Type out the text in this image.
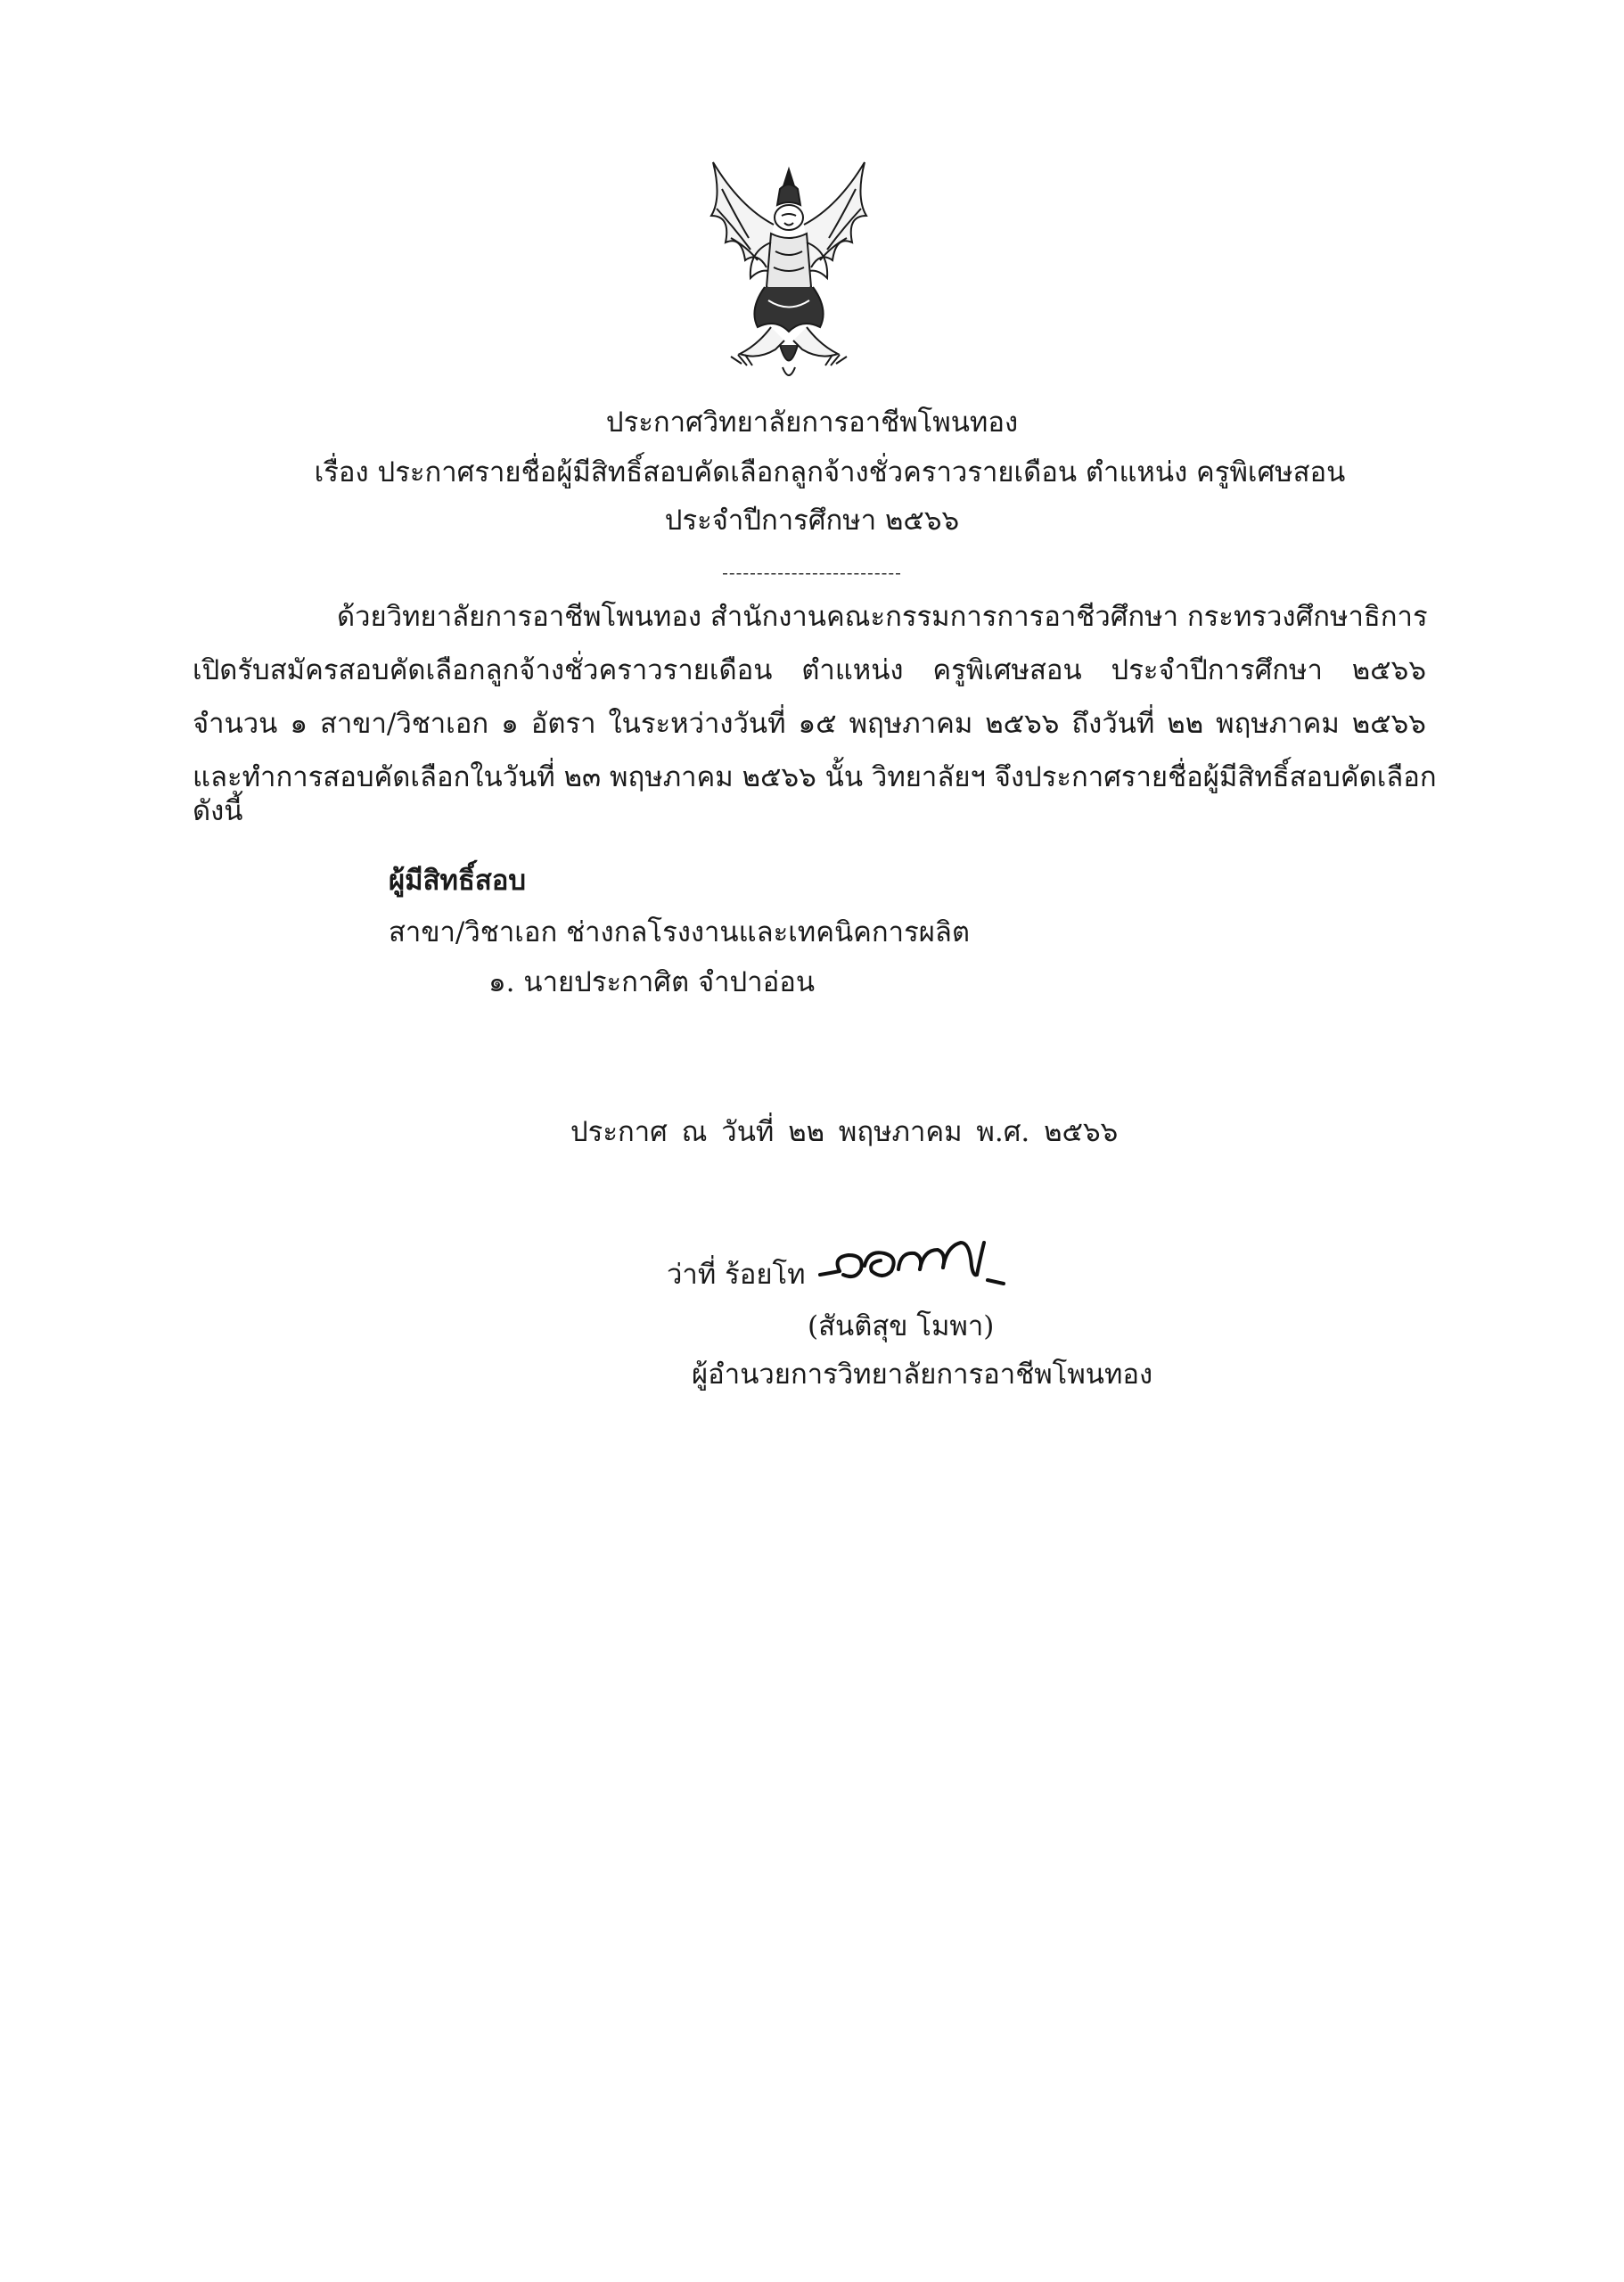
ประกาศวิทยาลัยการอาชีพโพนทอง
เรื่อง ประกาศรายชื่อผู้มีสิทธิ์สอบคัดเลือกลูกจ้างชั่วคราวรายเดือน ตำแหน่ง ครูพิเศษสอน
ประจำปีการศึกษา ๒๕๖๖
--------------------------
ด้วยวิทยาลัยการอาชีพโพนทอง สำนักงานคณะกรรมการการอาชีวศึกษา กระทรวงศึกษาธิการ
เปิดรับสมัครสอบคัดเลือกลูกจ้างชั่วคราวรายเดือน ตำแหน่ง ครูพิเศษสอน ประจำปีการศึกษา ๒๕๖๖
จำนวน ๑ สาขา/วิชาเอก ๑ อัตรา ในระหว่างวันที่ ๑๕ พฤษภาคม ๒๕๖๖ ถึงวันที่ ๒๒ พฤษภาคม ๒๕๖๖
และทำการสอบคัดเลือกในวันที่ ๒๓ พฤษภาคม ๒๕๖๖ นั้น วิทยาลัยฯ จึงประกาศรายชื่อผู้มีสิทธิ์สอบคัดเลือก
ดังนี้
ผู้มีสิทธิ์สอบ
สาขา/วิชาเอก ช่างกลโรงงานและเทคนิคการผลิต
๑. นายประกาศิต จำปาอ่อน
ประกาศ ณ วันที่ ๒๒ พฤษภาคม พ.ศ. ๒๕๖๖
ว่าที่ ร้อยโท
(สันติสุข โมพา)
ผู้อำนวยการวิทยาลัยการอาชีพโพนทอง
